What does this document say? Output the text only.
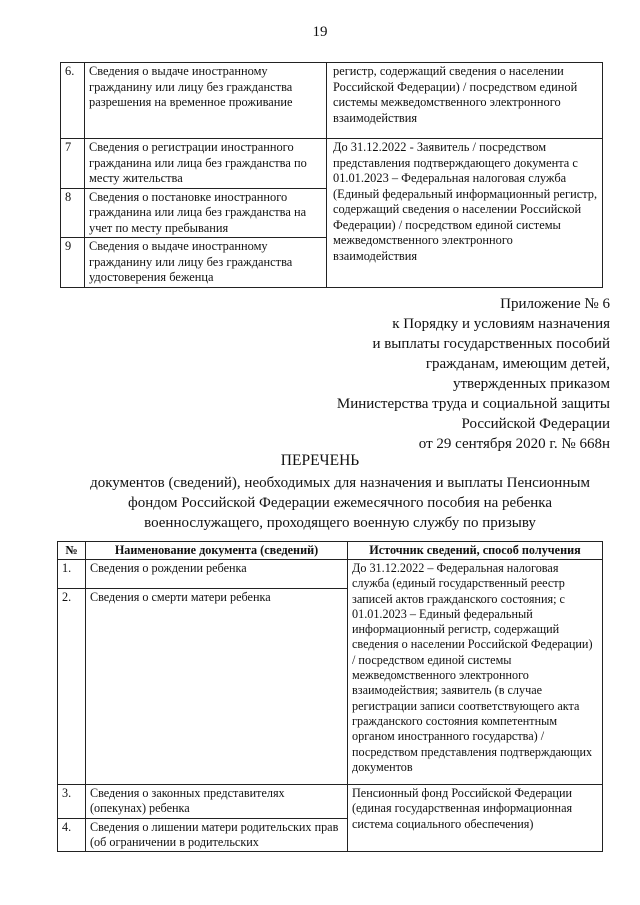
19
6.	Сведения о выдаче иностранному гражданину или лицу без гражданства разрешения на временное проживание	регистр, содержащий сведения о населении Российской Федерации) / посредством единой системы межведомственного электронного взаимодействия
7	Сведения о регистрации иностранного гражданина или лица без гражданства по месту жительства	До 31.12.2022 - Заявитель / посредством представления подтверждающего документа с 01.01.2023 – Федеральная налоговая служба (Единый федеральный информационный регистр, содержащий сведения о населении Российской Федерации) / посредством единой системы межведомственного электронного взаимодействия
8	Сведения о постановке иностранного гражданина или лица без гражданства на учет по месту пребывания	
9	Сведения о выдаче иностранному гражданину или лицу без гражданства удостоверения беженца	
Приложение № 6
к Порядку и условиям назначения
и выплаты государственных пособий
гражданам, имеющим детей,
утвержденных приказом
Министерства труда и социальной защиты
Российской Федерации
от 29 сентября 2020 г. № 668н
ПЕРЕЧЕНЬ
документов (сведений), необходимых для назначения и выплаты Пенсионным фондом Российской Федерации ежемесячного пособия на ребенка военнослужащего, проходящего военную службу по призыву
№	Наименование документа (сведений)	Источник сведений, способ получения
1.	Сведения о рождении ребенка	До 31.12.2022 – Федеральная налоговая служба (единый государственный реестр записей актов гражданского состояния; с 01.01.2023 – Единый федеральный информационный регистр, содержащий сведения о населении Российской Федерации) / посредством единой системы межведомственного электронного взаимодействия; заявитель (в случае регистрации записи соответствующего акта гражданского состояния компетентным органом иностранного государства) / посредством представления подтверждающих документов
2.	Сведения о смерти матери ребенка	
3.	Сведения о законных представителях (опекунах) ребенка	Пенсионный фонд Российской Федерации (единая государственная информационная система социального обеспечения)
4.	Сведения о лишении матери родительских прав (об ограничении в родительских	
